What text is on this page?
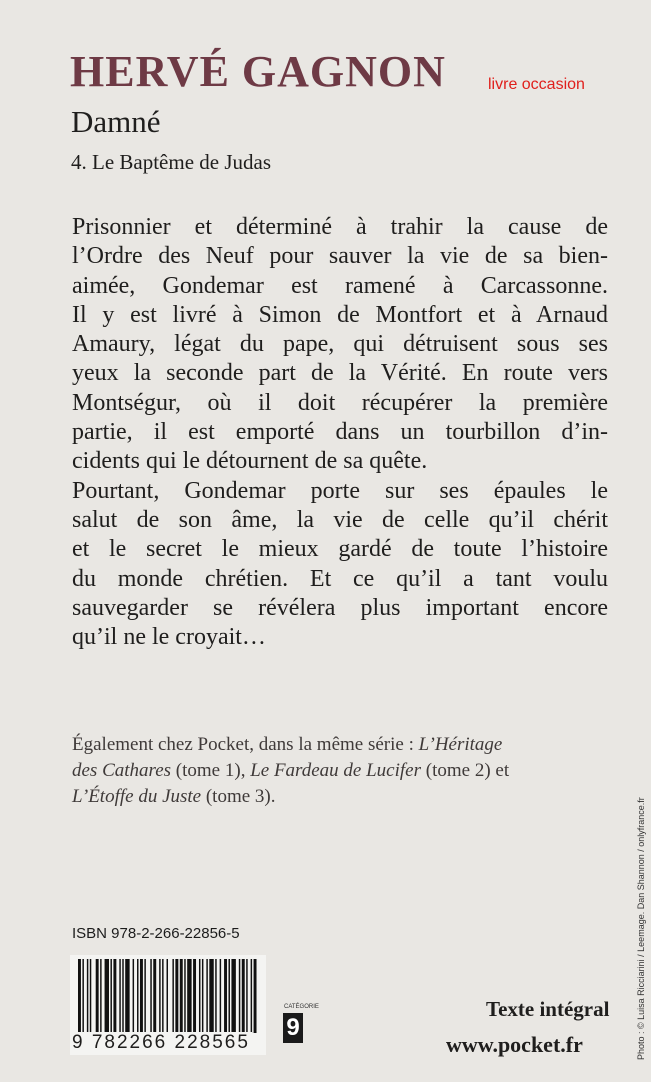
HERVÉ GAGNON	livre occasion
Damné
4. Le Baptême de Judas
Prisonnier et déterminé à trahir la cause de
l’Ordre des Neuf pour sauver la vie de sa bien-
aimée, Gondemar est ramené à Carcassonne.
Il y est livré à Simon de Montfort et à Arnaud
Amaury, légat du pape, qui détruisent sous ses
yeux la seconde part de la Vérité. En route vers
Montségur, où il doit récupérer la première
partie, il est emporté dans un tourbillon d’in-
cidents qui le détournent de sa quête.
Pourtant, Gondemar porte sur ses épaules le
salut de son âme, la vie de celle qu’il chérit
et le secret le mieux gardé de toute l’histoire
du monde chrétien. Et ce qu’il a tant voulu
sauvegarder se révélera plus important encore
qu’il ne le croyait…
Également chez Pocket, dans la même série : L’Héritage
des Cathares (tome 1), Le Fardeau de Lucifer (tome 2) et
L’Étoffe du Juste (tome 3).
ISBN 978-2-266-22856-5
9 782266 228565
CATÉGORIE
9
Texte intégral
www.pocket.fr	Photo : © Luisa Ricciarini / Leemage. Dan Shannon / onlyfrance.fr
